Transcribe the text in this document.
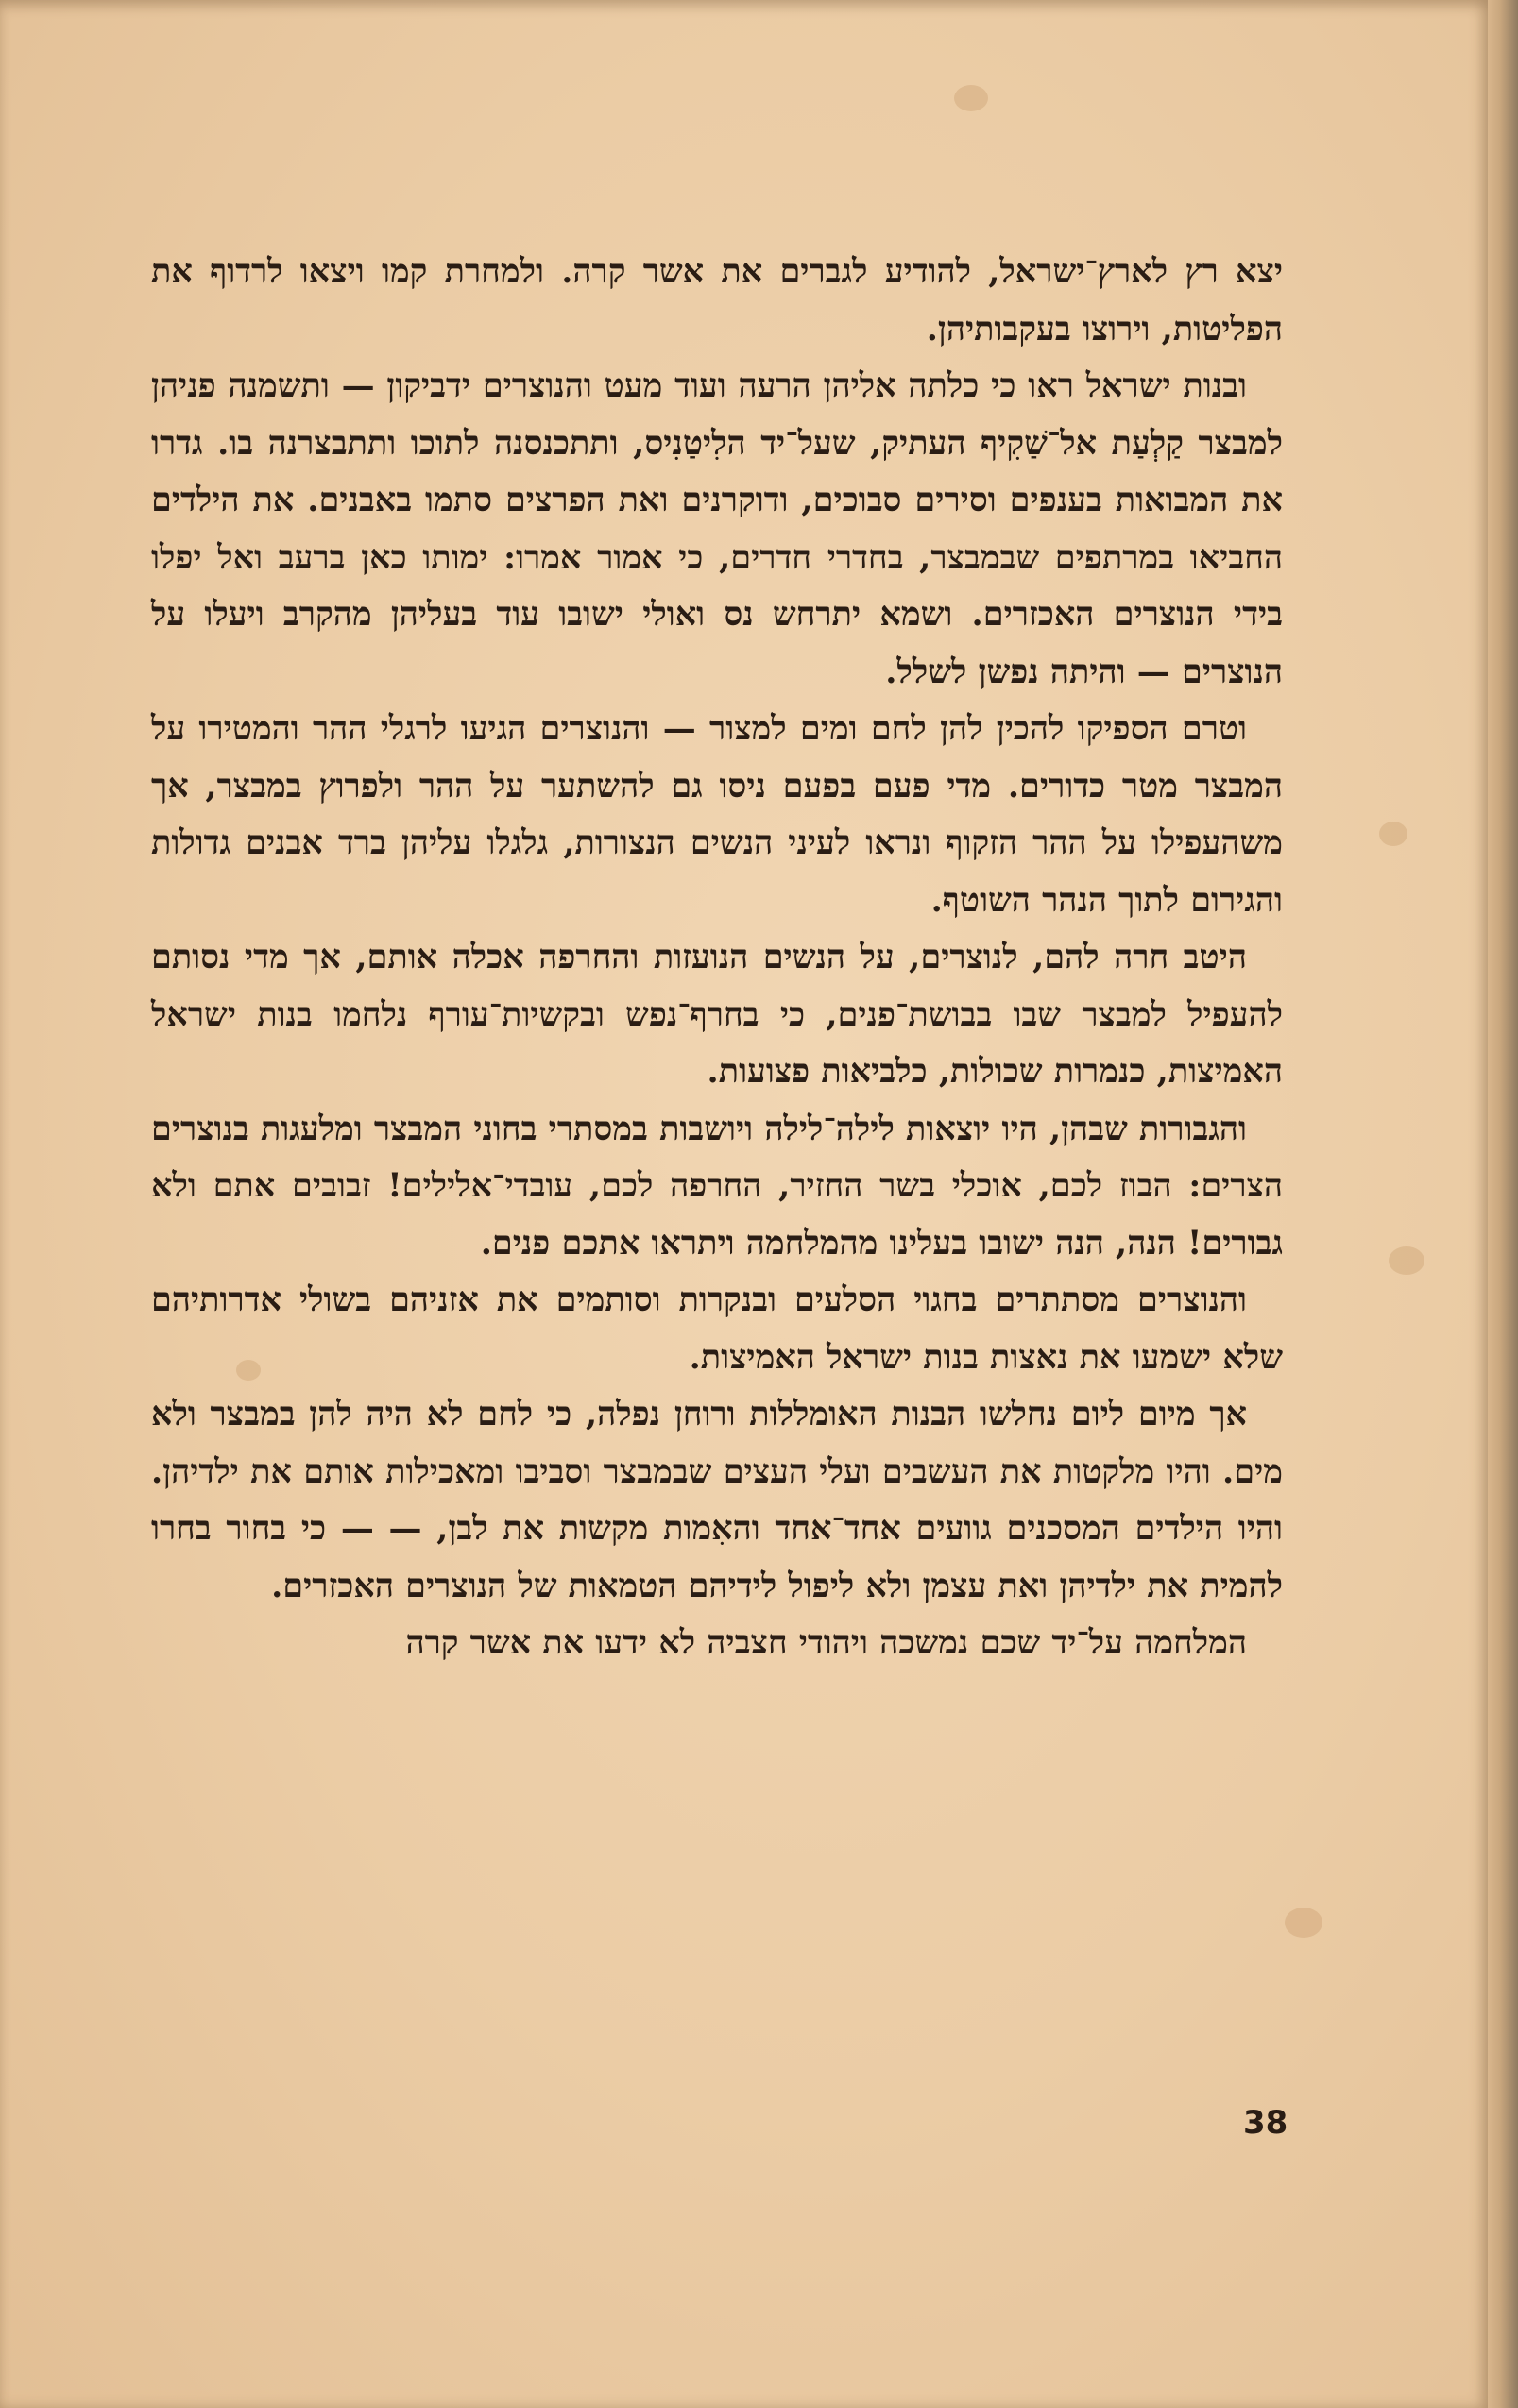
יצא רץ לארץ־ישראל, להודיע לגברים את אשר קרה. ולמחרת קמו ויצאו לרדוף את הפליטות, וירוצו בעקבותיהן.

ובנות ישראל ראו כי כלתה אליהן הרעה ועוד מעט והנוצרים ידביקון — ותשמנה פניהן למבצר קַלְעַת אל־שַׁקִיף העתיק, שעל־יד הלִיטַנִיס, ותתכנסנה לתוכו ותתבצרנה בו. גדרו את המבואות בענפים וסירים סבוכים, ודוקרנים ואת הפרצים סתמו באבנים. את הילדים החביאו במרתפים שבמבצר, בחדרי חדרים, כי אמור אמרו: ימותו כאן ברעב ואל יפלו בידי הנוצרים האכזרים. ושמא יתרחש נס ואולי ישובו עוד בעליהן מהקרב ויעלו על הנוצרים — והיתה נפשן לשלל.

וטרם הספיקו להכין להן לחם ומים למצור — והנוצרים הגיעו לרגלי ההר והמטירו על המבצר מטר כדורים. מדי פעם בפעם ניסו גם להשתער על ההר ולפרוץ במבצר, אך משהעפילו על ההר הזקוף ונראו לעיני הנשים הנצורות, גלגלו עליהן ברד אבנים גדולות והגירום לתוך הנהר השוטף.

היטב חרה להם, לנוצרים, על הנשים הנועזות והחרפה אכלה אותם, אך מדי נסותם להעפיל למבצר שבו בבושת־פנים, כי בחרף־נפש ובקשיות־עורף נלחמו בנות ישראל האמיצות, כנמרות שכולות, כלביאות פצועות.

והגבורות שבהן, היו יוצאות לילה־לילה ויושבות במסתרי בחוני המבצר ומלעגות בנוצרים הצרים: הבוז לכם, אוכלי בשר החזיר, החרפה לכם, עובדי־אלילים! זבובים אתם ולא גבורים! הנה, הנה ישובו בעלינו מהמלחמה ויתראו אתכם פנים.

והנוצרים מסתתרים בחגוי הסלעים ובנקרות וסותמים את אזניהם בשולי אדרותיהם שלא ישמעו את נאצות בנות ישראל האמיצות.

אך מיום ליום נחלשו הבנות האומללות ורוחן נפלה, כי לחם לא היה להן במבצר ולא מים. והיו מלקטות את העשבים ועלי העצים שבמבצר וסביבו ומאכילות אותם את ילדיהן. והיו הילדים המסכנים גוועים אחד־אחד והאִמות מקשות את לבן, — — כי בחור בחרו להמית את ילדיהן ואת עצמן ולא ליפול לידיהם הטמאות של הנוצרים האכזרים.

המלחמה על־יד שכם נמשכה ויהודי חצביה לא ידעו את אשר קרה

38
